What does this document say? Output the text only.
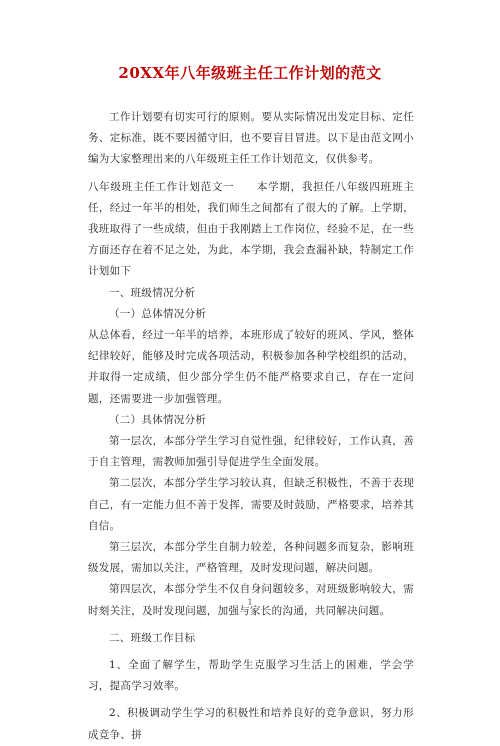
20XX年八年级班主任工作计划的范文

工作计划要有切实可行的原则。要从实际情况出发定目标、定任务、定标准，既不要因循守旧，也不要盲目冒进。以下是由范文网小编为大家整理出来的八年级班主任工作计划范文，仅供参考。

八年级班主任工作计划范文一　　本学期，我担任八年级四班班主任，经过一年半的相处，我们师生之间都有了很大的了解。上学期，我班取得了一些成绩，但由于我刚踏上工作岗位，经验不足，在一些方面还存在着不足之处，为此，本学期，我会查漏补缺，特制定工作计划如下

一、班级情况分析

（一）总体情况分析

从总体看，经过一年半的培养，本班形成了较好的班风、学风，整体纪律较好，能够及时完成各项活动，积极参加各种学校组织的活动，并取得一定成绩，但少部分学生仍不能严格要求自己，存在一定问题，还需要进一步加强管理。

（二）具体情况分析

第一层次，本部分学生学习自觉性强，纪律较好，工作认真，善于自主管理，需教师加强引导促进学生全面发展。

第二层次，本部分学生学习较认真，但缺乏积极性，不善于表现自己，有一定能力但不善于发挥，需要及时鼓励，严格要求，培养其自信。

第三层次，本部分学生自制力较差，各种问题多而复杂，影响班级发展，需加以关注，严格管理，及时发现问题，解决问题。

第四层次，本部分学生不仅自身问题较多，对班级影响较大，需时刻关注，及时发现问题，加强与家长的沟通，共同解决问题。

二、班级工作目标

1、全面了解学生，帮助学生克服学习生活上的困难，学会学习，提高学习效率。

2、积极调动学生学习的积极性和培养良好的竞争意识，努力形成竞争、拼

1
